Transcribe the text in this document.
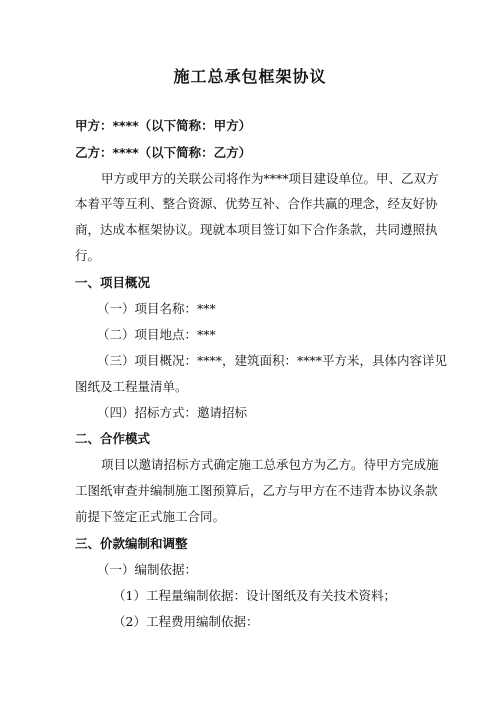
施工总承包框架协议
甲方：****（以下简称：甲方）
乙方：****（以下简称：乙方）
甲方或甲方的关联公司将作为****项目建设单位。甲、乙双方
本着平等互利、整合资源、优势互补、合作共赢的理念，经友好协
商，达成本框架协议。现就本项目签订如下合作条款，共同遵照执
行。
一、项目概况
（一）项目名称：***
（二）项目地点：***
（三）项目概况：****，建筑面积：****平方米，具体内容详见
图纸及工程量清单。
（四）招标方式：邀请招标
二、合作模式
项目以邀请招标方式确定施工总承包方为乙方。待甲方完成施
工图纸审查并编制施工图预算后，乙方与甲方在不违背本协议条款
前提下签定正式施工合同。
三、价款编制和调整
（一）编制依据：
（1）工程量编制依据：设计图纸及有关技术资料；
（2）工程费用编制依据：
